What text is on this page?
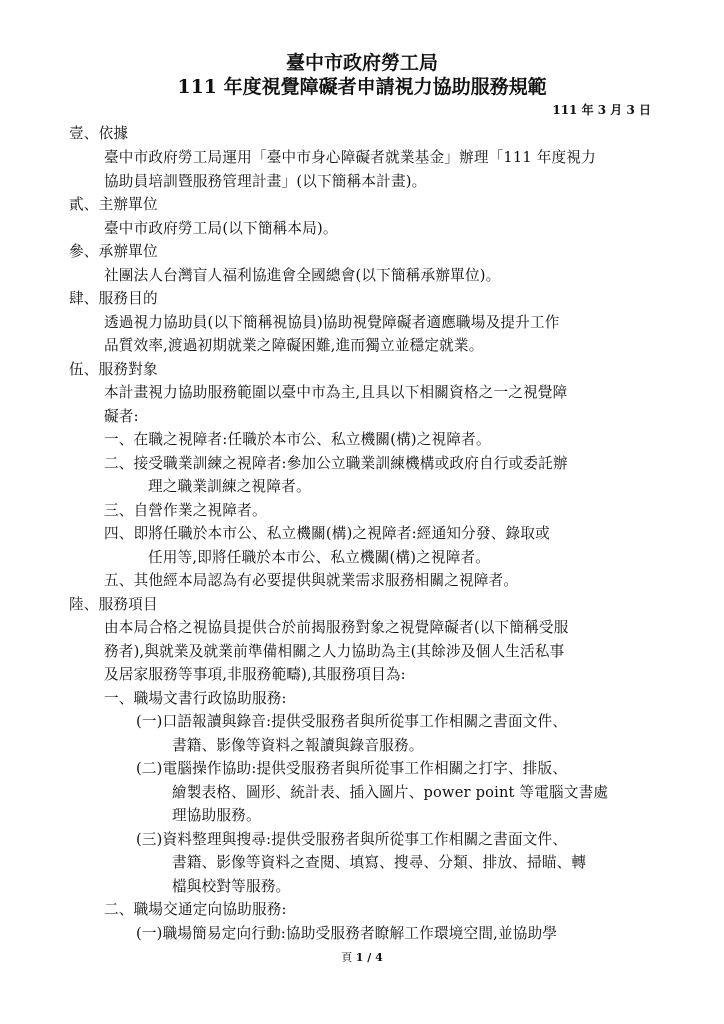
臺中市政府勞工局
111 年度視覺障礙者申請視力協助服務規範
111 年 3 月 3 日
壹、依據
臺中市政府勞工局運用「臺中市身心障礙者就業基金」辦理「111 年度視力
協助員培訓暨服務管理計畫」(以下簡稱本計畫)。
貳、主辦單位
臺中市政府勞工局(以下簡稱本局)。
參、承辦單位
社團法人台灣盲人福利協進會全國總會(以下簡稱承辦單位)。
肆、服務目的
透過視力協助員(以下簡稱視協員)協助視覺障礙者適應職場及提升工作
品質效率,渡過初期就業之障礙困難,進而獨立並穩定就業。
伍、服務對象
本計畫視力協助服務範圍以臺中市為主,且具以下相關資格之一之視覺障
礙者:
一、在職之視障者:任職於本市公、私立機關(構)之視障者。
二、接受職業訓練之視障者:參加公立職業訓練機構或政府自行或委託辦
理之職業訓練之視障者。
三、自營作業之視障者。
四、即將任職於本市公、私立機關(構)之視障者:經通知分發、錄取或
任用等,即將任職於本市公、私立機關(構)之視障者。
五、其他經本局認為有必要提供與就業需求服務相關之視障者。
陸、服務項目
由本局合格之視協員提供合於前揭服務對象之視覺障礙者(以下簡稱受服
務者),與就業及就業前準備相關之人力協助為主(其餘涉及個人生活私事
及居家服務等事項,非服務範疇),其服務項目為:
一、職場文書行政協助服務:
(一)口語報讀與錄音:提供受服務者與所從事工作相關之書面文件、
書籍、影像等資料之報讀與錄音服務。
(二)電腦操作協助:提供受服務者與所從事工作相關之打字、排版、
繪製表格、圖形、統計表、插入圖片、power point 等電腦文書處
理協助服務。
(三)資料整理與搜尋:提供受服務者與所從事工作相關之書面文件、
書籍、影像等資料之查閱、填寫、搜尋、分類、排放、掃瞄、轉
檔與校對等服務。
二、職場交通定向協助服務:
(一)職場簡易定向行動:協助受服務者瞭解工作環境空間,並協助學
頁 1 / 4
